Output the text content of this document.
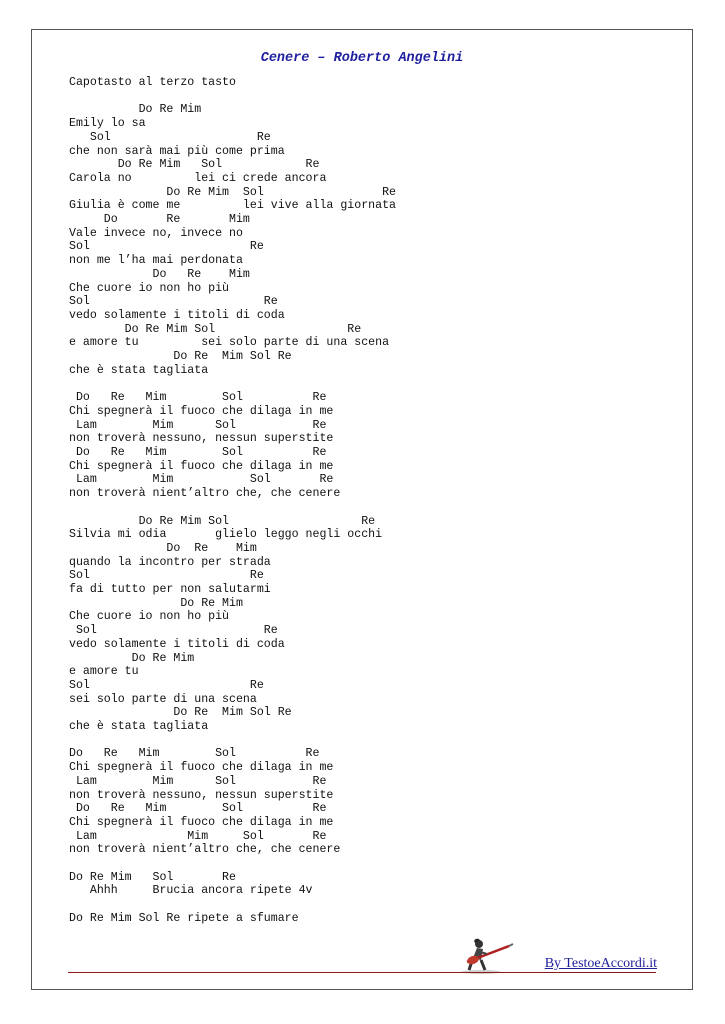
Cenere – Roberto Angelini
Capotasto al terzo tasto

Do Re Mim
Emily lo sa
Sol                     Re
che non sarà mai più come prima
Do Re Mim   Sol            Re
Carola no         lei ci crede ancora
Do Re Mim  Sol                 Re
Giulia è come me         lei vive alla giornata
Do       Re       Mim
Vale invece no, invece no
Sol                       Re
non me l’ha mai perdonata
Do   Re    Mim
Che cuore io non ho più
Sol                         Re
vedo solamente i titoli di coda
Do Re Mim Sol                   Re
e amore tu         sei solo parte di una scena
Do Re  Mim Sol Re
che è stata tagliata

Do   Re   Mim        Sol          Re
Chi spegnerà il fuoco che dilaga in me
Lam        Mim      Sol           Re
non troverà nessuno, nessun superstite
Do   Re   Mim        Sol          Re
Chi spegnerà il fuoco che dilaga in me
Lam        Mim           Sol       Re
non troverà nient’altro che, che cenere

Do Re Mim Sol                   Re
Silvia mi odia       glielo leggo negli occhi
Do  Re    Mim
quando la incontro per strada
Sol                       Re
fa di tutto per non salutarmi
Do Re Mim
Che cuore io non ho più
Sol                        Re
vedo solamente i titoli di coda
Do Re Mim
e amore tu
Sol                       Re
sei solo parte di una scena
Do Re  Mim Sol Re
che è stata tagliata

Do   Re   Mim        Sol          Re
Chi spegnerà il fuoco che dilaga in me
Lam        Mim      Sol           Re
non troverà nessuno, nessun superstite
Do   Re   Mim        Sol          Re
Chi spegnerà il fuoco che dilaga in me
Lam             Mim     Sol       Re
non troverà nient’altro che, che cenere

Do Re Mim   Sol       Re
Ahhh     Brucia ancora ripete 4v

Do Re Mim Sol Re ripete a sfumare
By TestoeAccordi.it
